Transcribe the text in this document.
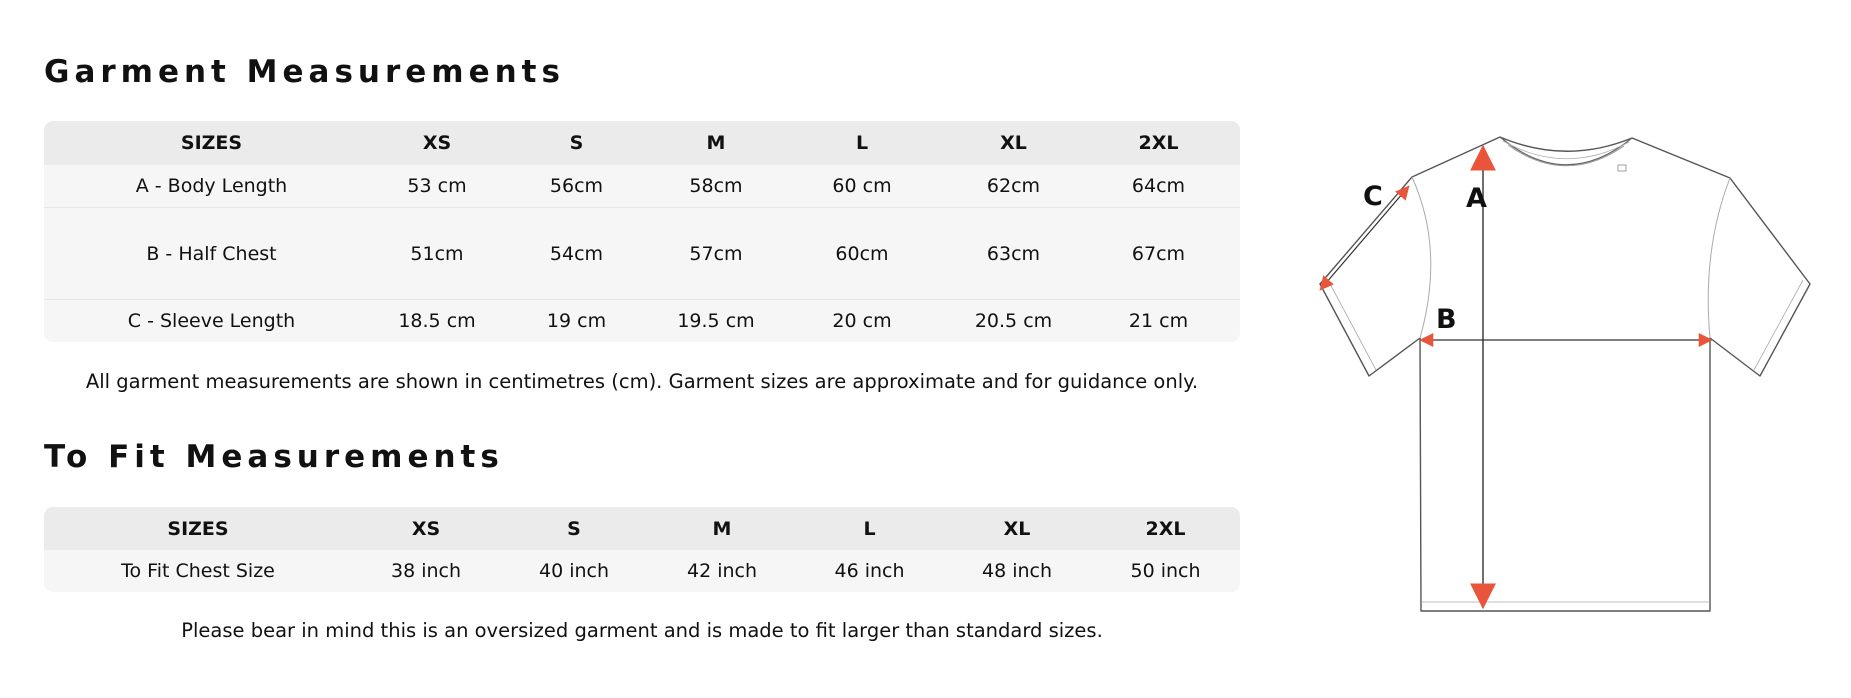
Garment Measurements
SIZES	XS	S	M	L	XL	2XL
A - Body Length	53 cm	56cm	58cm	60 cm	62cm	64cm
B - Half Chest	51cm	54cm	57cm	60cm	63cm	67cm
C - Sleeve Length	18.5 cm	19 cm	19.5 cm	20 cm	20.5 cm	21 cm
All garment measurements are shown in centimetres (cm). Garment sizes are approximate and for guidance only.
To Fit Measurements
SIZES	XS	S	M	L	XL	2XL
To Fit Chest Size	38 inch	40 inch	42 inch	46 inch	48 inch	50 inch
Please bear in mind this is an oversized garment and is made to fit larger than standard sizes.
A
B
C
